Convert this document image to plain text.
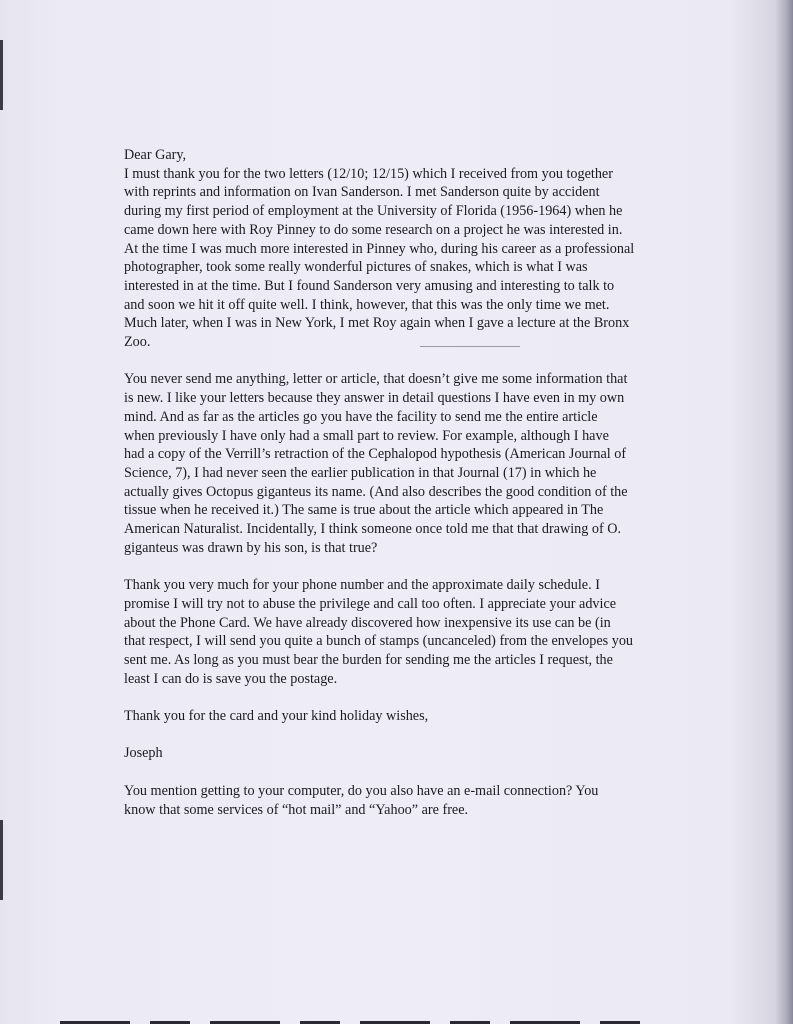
Dear Gary,

I must thank you for the two letters (12/10; 12/15) which I received from you together
with reprints and information on Ivan Sanderson. I met Sanderson quite by accident
during my first period of employment at the University of Florida (1956-1964) when he
came down here with Roy Pinney to do some research on a project he was interested in.
At the time I was much more interested in Pinney who, during his career as a professional
photographer, took some really wonderful pictures of snakes, which is what I was
interested in at the time. But I found Sanderson very amusing and interesting to talk to
and soon we hit it off quite well. I think, however, that this was the only time we met.
Much later, when I was in New York, I met Roy again when I gave a lecture at the Bronx
Zoo.

You never send me anything, letter or article, that doesn’t give me some information that
is new. I like your letters because they answer in detail questions I have even in my own
mind. And as far as the articles go you have the facility to send me the entire article
when previously I have only had a small part to review. For example, although I have
had a copy of the Verrill’s retraction of the Cephalopod hypothesis (American Journal of
Science, 7), I had never seen the earlier publication in that Journal (17) in which he
actually gives Octopus giganteus its name. (And also describes the good condition of the
tissue when he received it.) The same is true about the article which appeared in The
American Naturalist. Incidentally, I think someone once told me that that drawing of O.
giganteus was drawn by his son, is that true?

Thank you very much for your phone number and the approximate daily schedule. I
promise I will try not to abuse the privilege and call too often. I appreciate your advice
about the Phone Card. We have already discovered how inexpensive its use can be (in
that respect, I will send you quite a bunch of stamps (uncanceled) from the envelopes you
sent me. As long as you must bear the burden for sending me the articles I request, the
least I can do is save you the postage.

Thank you for the card and your kind holiday wishes,

Joseph

You mention getting to your computer, do you also have an e-mail connection? You
know that some services of “hot mail” and “Yahoo” are free.
